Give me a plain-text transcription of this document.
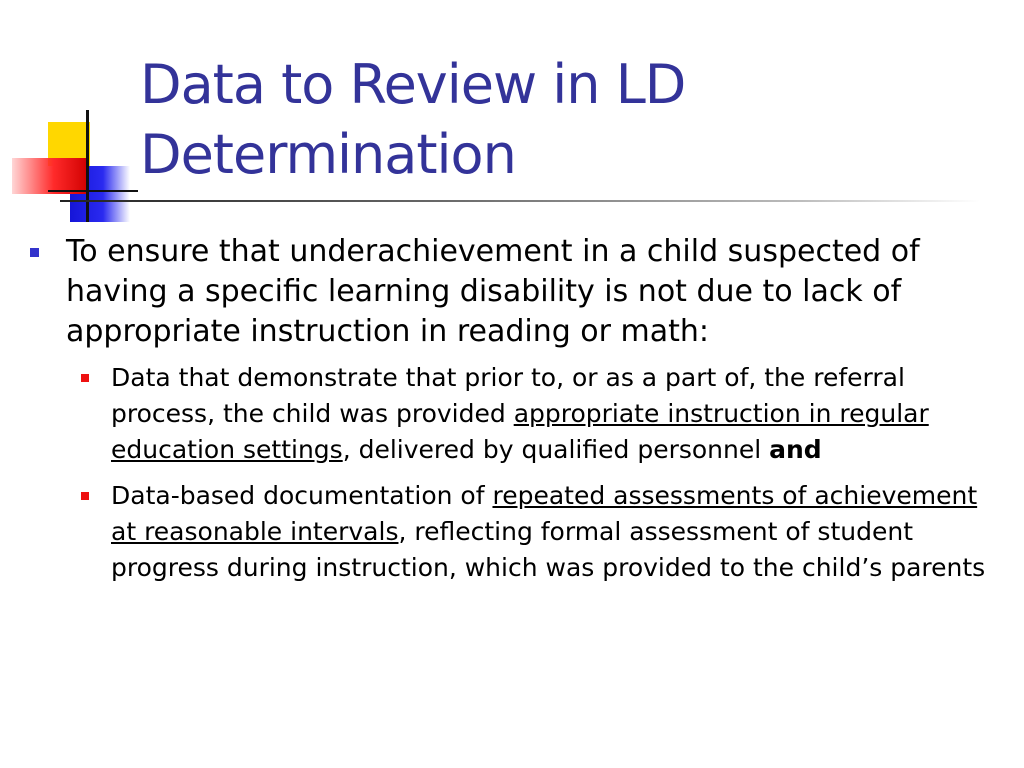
Data to Review in LD
Determination
To ensure that underachievement in a child suspected of having a specific learning disability is not due to lack of appropriate instruction in reading or math:
Data that demonstrate that prior to, or as a part of, the referral process, the child was provided appropriate instruction in regular education settings, delivered by qualified personnel and
Data-based documentation of repeated assessments of achievement at reasonable intervals, reflecting formal assessment of student progress during instruction, which was provided to the child’s parents
